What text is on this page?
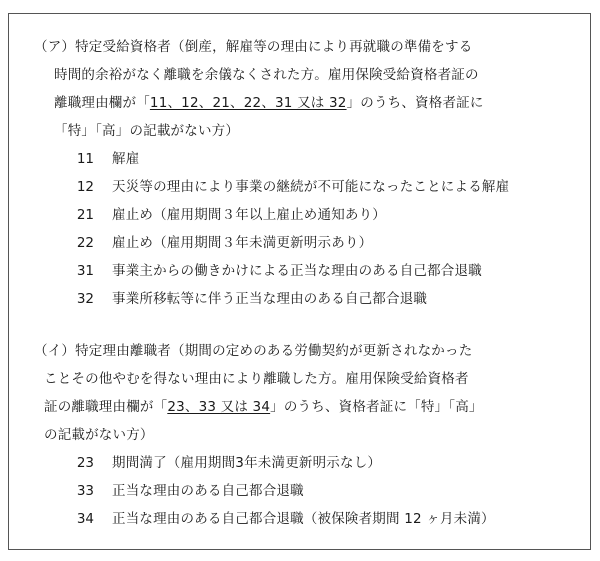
（ア）特定受給資格者（倒産，解雇等の理由により再就職の準備をする
時間的余裕がなく離職を余儀なくされた方。雇用保険受給資格者証の
離職理由欄が「11、12、21、22、31 又は 32」のうち、資格者証に
「特」「高」の記載がない方）
11 解雇
12 天災等の理由により事業の継続が不可能になったことによる解雇
21 雇止め（雇用期間３年以上雇止め通知あり）
22 雇止め（雇用期間３年未満更新明示あり）
31 事業主からの働きかけによる正当な理由のある自己都合退職
32 事業所移転等に伴う正当な理由のある自己都合退職
（イ）特定理由離職者（期間の定めのある労働契約が更新されなかった
ことその他やむを得ない理由により離職した方。雇用保険受給資格者
証の離職理由欄が「23、33 又は 34」のうち、資格者証に「特」「高」
の記載がない方）
23 期間満了（雇用期間3年未満更新明示なし）
33 正当な理由のある自己都合退職
34 正当な理由のある自己都合退職（被保険者期間 12 ヶ月未満）
